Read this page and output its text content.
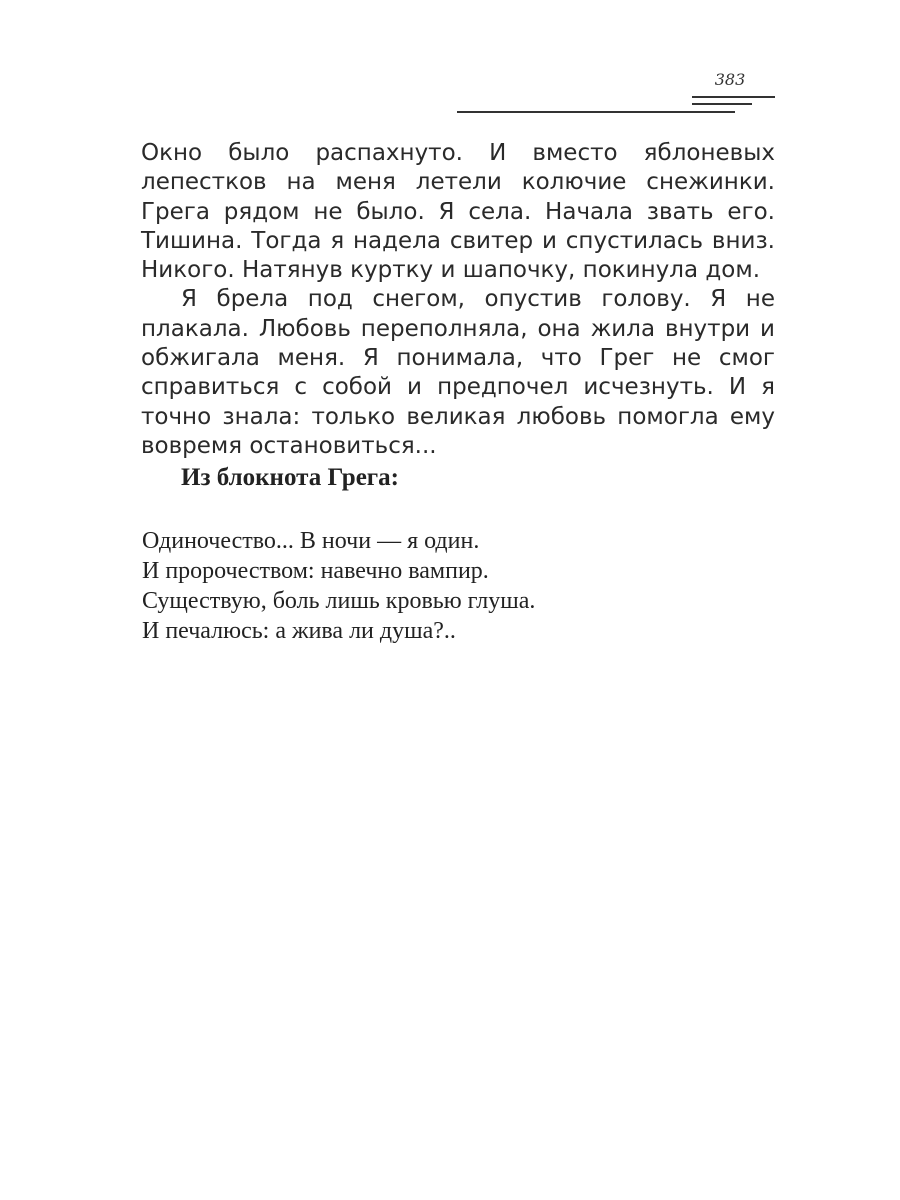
383

Окно было распахнуто. И вместо яблоневых лепестков на меня летели колючие снежинки. Грега рядом не было. Я села. Начала звать его. Тишина. Тогда я надела свитер и спустилась вниз. Никого. Натянув куртку и шапочку, покинула дом.

Я брела под снегом, опустив голову. Я не плакала. Любовь переполняла, она жила внутри и обжигала меня. Я понимала, что Грег не смог справиться с собой и предпочел исчезнуть. И я точно знала: только великая любовь помогла ему вовремя остановиться...

Из блокнота Грега:
Одиночество... В ночи — я один.
И пророчеством: навечно вампир.
Существую, боль лишь кровью глуша.
И печалюсь: а жива ли душа?..
